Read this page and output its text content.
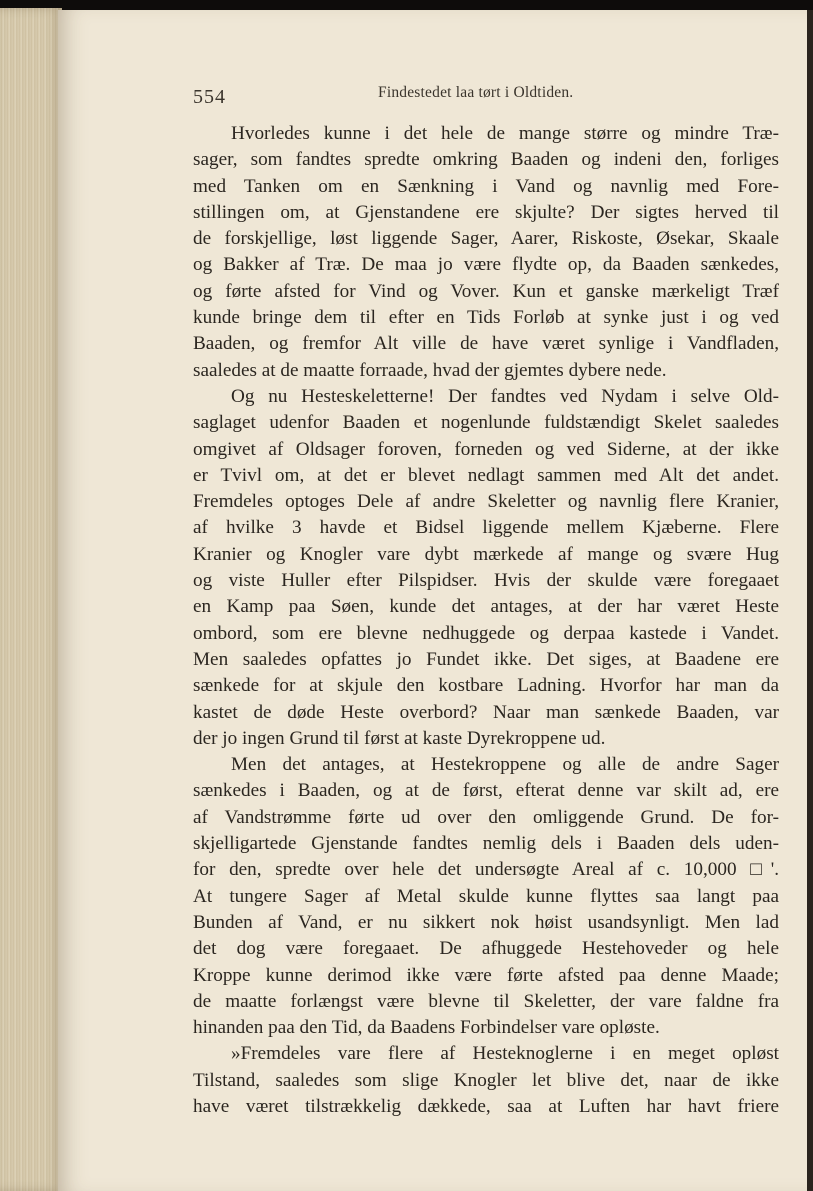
554	Findestedet laa tørt i Oldtiden.
Hvorledes kunne i det hele de mange større og mindre Træ-
sager, som fandtes spredte omkring Baaden og indeni den, forliges
med Tanken om en Sænkning i Vand og navnlig med Fore-
stillingen om, at Gjenstandene ere skjulte? Der sigtes herved til
de forskjellige, løst liggende Sager, Aarer, Riskoste, Øsekar, Skaale
og Bakker af Træ. De maa jo være flydte op, da Baaden sænkedes,
og førte afsted for Vind og Vover. Kun et ganske mærkeligt Træf
kunde bringe dem til efter en Tids Forløb at synke just i og ved
Baaden, og fremfor Alt ville de have været synlige i Vandfladen,
saaledes at de maatte forraade, hvad der gjemtes dybere nede.
Og nu Hesteskeletterne! Der fandtes ved Nydam i selve Old-
saglaget udenfor Baaden et nogenlunde fuldstændigt Skelet saaledes
omgivet af Oldsager foroven, forneden og ved Siderne, at der ikke
er Tvivl om, at det er blevet nedlagt sammen med Alt det andet.
Fremdeles optoges Dele af andre Skeletter og navnlig flere Kranier,
af hvilke 3 havde et Bidsel liggende mellem Kjæberne. Flere
Kranier og Knogler vare dybt mærkede af mange og svære Hug
og viste Huller efter Pilspidser. Hvis der skulde være foregaaet
en Kamp paa Søen, kunde det antages, at der har været Heste
ombord, som ere blevne nedhuggede og derpaa kastede i Vandet.
Men saaledes opfattes jo Fundet ikke. Det siges, at Baadene ere
sænkede for at skjule den kostbare Ladning. Hvorfor har man da
kastet de døde Heste overbord? Naar man sænkede Baaden, var
der jo ingen Grund til først at kaste Dyrekroppene ud.
Men det antages, at Hestekroppene og alle de andre Sager
sænkedes i Baaden, og at de først, efterat denne var skilt ad, ere
af Vandstrømme førte ud over den omliggende Grund. De for-
skjelligartede Gjenstande fandtes nemlig dels i Baaden dels uden-
for den, spredte over hele det undersøgte Areal af c. 10,000 □'.
At tungere Sager af Metal skulde kunne flyttes saa langt paa
Bunden af Vand, er nu sikkert nok høist usandsynligt. Men lad
det dog være foregaaet. De afhuggede Hestehoveder og hele
Kroppe kunne derimod ikke være førte afsted paa denne Maade;
de maatte forlængst være blevne til Skeletter, der vare faldne fra
hinanden paa den Tid, da Baadens Forbindelser vare opløste.
»Fremdeles vare flere af Hesteknoglerne i en meget opløst
Tilstand, saaledes som slige Knogler let blive det, naar de ikke
have været tilstrækkelig dækkede, saa at Luften har havt friere
